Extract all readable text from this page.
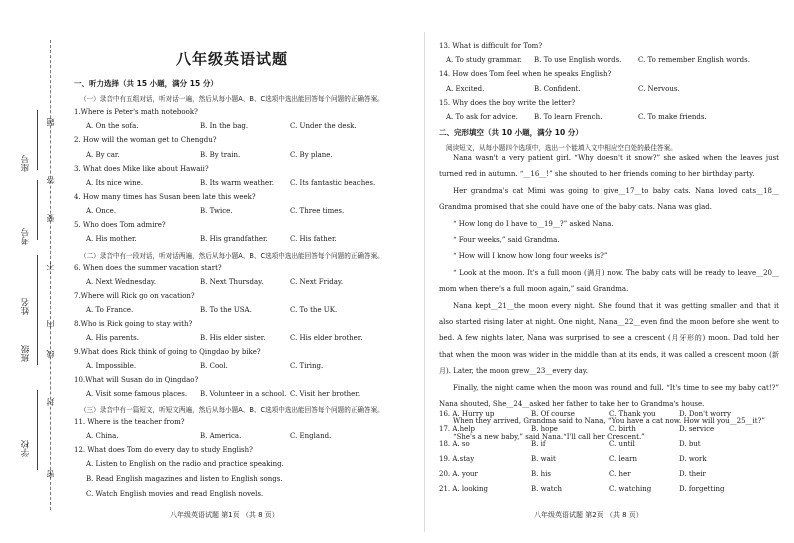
学校
班级
姓名
考号
座号
密
封
线
内
不
要
答
题
八年级英语试题
一、听力选择（共 15 小题，满分 15 分）
（一）录音中有五组对话，听对话一遍，然后从每小题A、B、C选项中选出能回答每个问题的正确答案。
1.Where is Peter's math notebook?
A. On the sofa.	B. In the bag.	C. Under the desk.
2. How will the woman get to Chengdu?
A. By car.	B. By train.	C. By plane.
3. What does Mike like about Hawaii?
A. Its nice wine.	B. Its warm weather. C. Its fantastic beaches.
4. How many times has Susan been late this week?
A. Once.	B. Twice.	C. Three times.
5. Who does Tom admire?
A. His mother.	B. His grandfather.	C. His father.
（二）录音中有一段对话，听对话两遍，然后从每小题A、B、C选项中选出能回答每个问题的正确答案。
6. When does the summer vacation start?
A. Next Wednesday.	B. Next Thursday.	C. Next Friday.
7.Where will Rick go on vacation?
A. To France.	B. To the USA.	C. To the UK.
8.Who is Rick going to stay with?
A. His parents.	B. His elder sister.	C. His elder brother.
9.What does Rick think of going to Qingdao by bike?
A. Impossible.	B. Cool.	C. Tiring.
10.What will Susan do in Qingdao?
A. Visit some famous places. B. Volunteer in a school. C. Visit her brother.
（三）录音中有一篇短文，听短文两遍，然后从每小题A、B、C选项中选出能回答每个问题的正确答案。
11. Where is the teacher from?
A. China.	B. America.	C. England.
12. What does Tom do every day to study English?
A. Listen to English on the radio and practice speaking.
B. Read English magazines and listen to English songs.
C. Watch English movies and read English novels.
八年级英语试题 第1页 （共 8 页）
13. What is difficult for Tom?
A. To study grammar. B. To use English words. C. To remember English words.
14. How does Tom feel when he speaks English?
A. Excited.	B. Confident.	C. Nervous.
15. Why does the boy write the letter?
A. To ask for advice. B. To learn French.	C. To make friends.
二、完形填空（共 10 小题，满分 10 分）
阅读短文，从每小题四个选项中，选出一个能填入文中相应空白处的最佳答案。

Nana wasn't a very patient girl. “Why doesn't it snow?” she asked when the leaves just turned red in autumn. “__16__!” she shouted to her friends coming to her birthday party.

Her grandma's cat Mimi was going to give__17__to baby cats. Nana loved cats__18__ Grandma promised that she could have one of the baby cats. Nana was glad.

“ How long do I have to__19__?” asked Nana.

“ Four weeks,” said Grandma.

“ How will I know how long four weeks is?”

“ Look at the moon. It's a full moon (满月) now. The baby cats will be ready to leave__20__ mom when there's a full moon again,” said Grandma.

Nana kept__21__the moon every night. She found that it was getting smaller and that it also started rising later at night. One night, Nana__22__even find the moon before she went to bed. A few nights later, Nana was surprised to see a crescent (月牙形的) moon. Dad told her that when the moon was wider in the middle than at its ends, it was called a crescent moon (新月). Later, the moon grew__23__every day.

Finally, the night came when the moon was round and full. “It's time to see my baby cat!?” Nana shouted, She__24__asked her father to take her to Grandma's house.

When they arrived, Grandma said to Nana, “You have a cat now. How will you__25__it?”

“She's a new baby,” said Nana.“I'll call her Crescent.”

16. A. Hurry up	B. Of course	C. Thank you	D. Don't worry
17. A.help	B. hope	C. birth	D. service
18. A. so	B. if	C. until	D. but
19. A.stay	B. wait	C. learn	D. work
20. A. your	B. his	C. her	D. their
21. A. looking	B. watch	C. watching	D. forgetting
八年级英语试题 第2页 （共 8 页）
